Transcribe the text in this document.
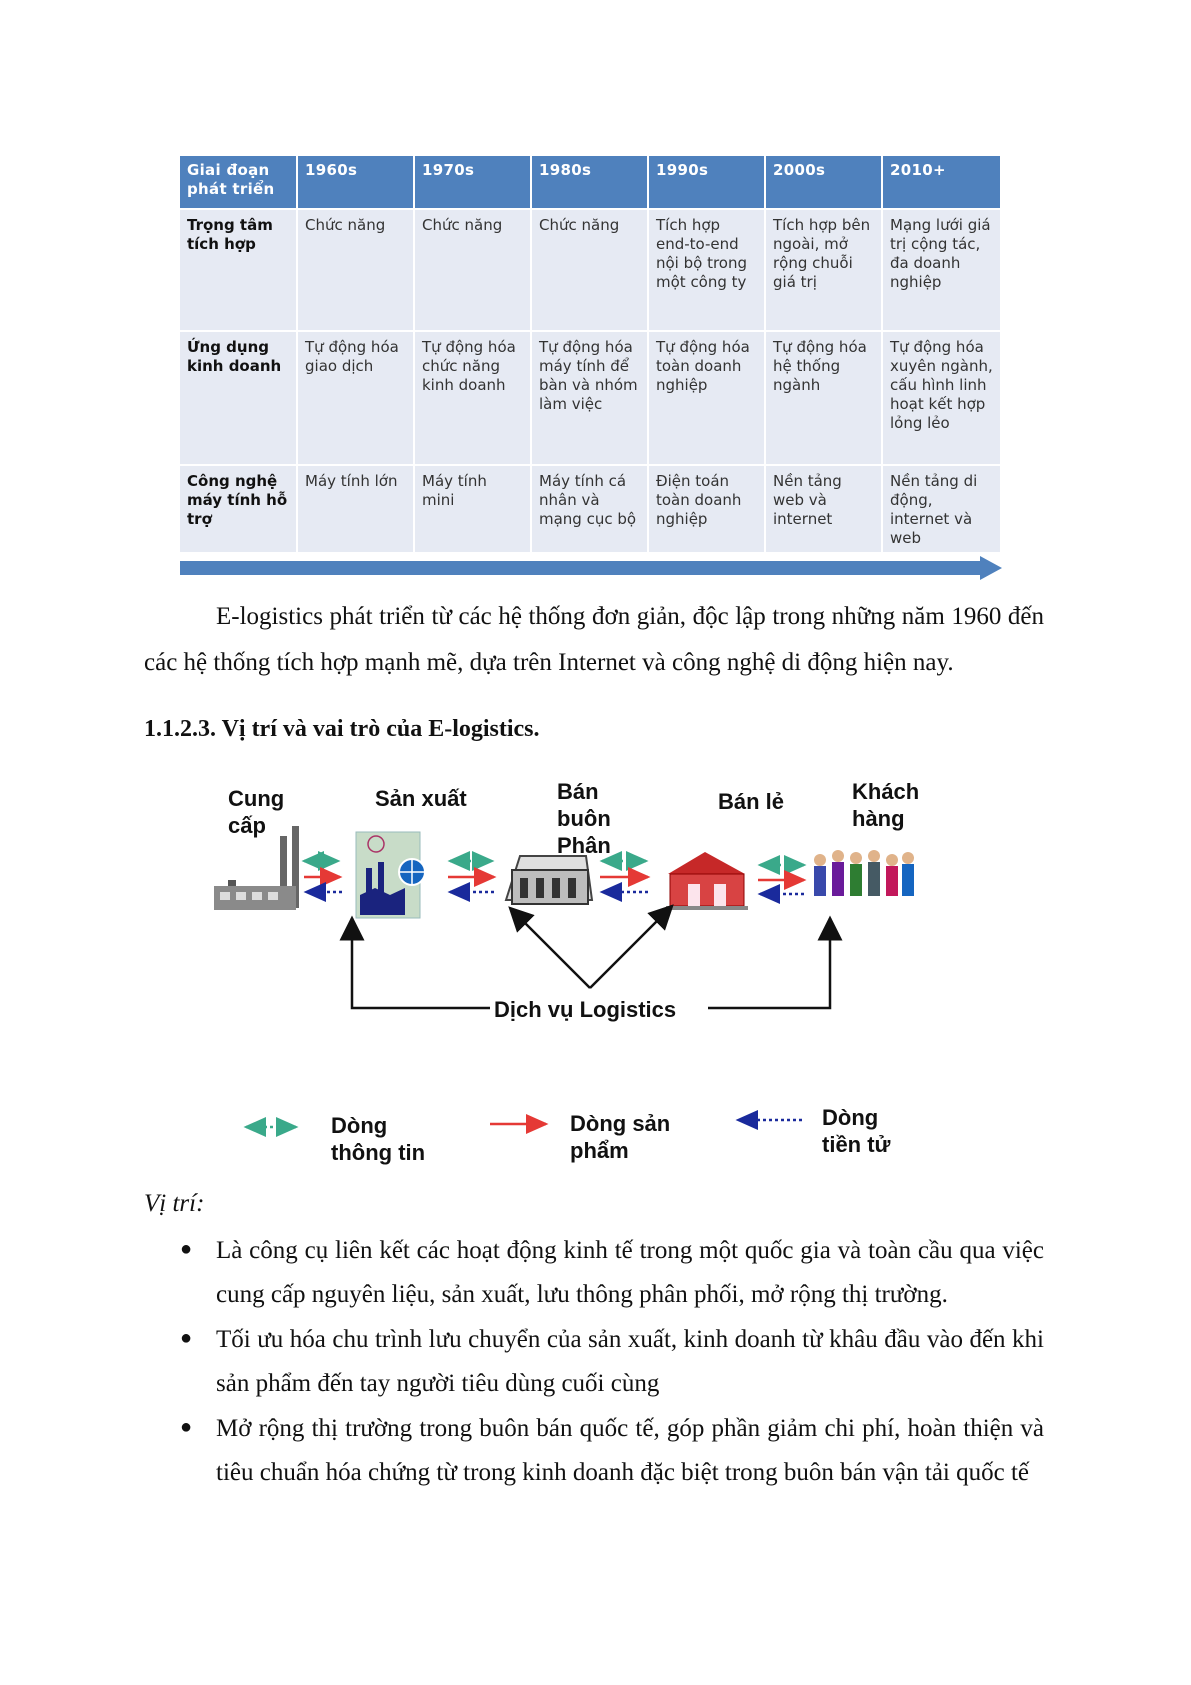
Giai đoạn phát triển	1960s	1970s	1980s	1990s	2000s	2010+
Trọng tâm tích hợp	Chức năng	Chức năng	Chức năng	Tích hợp end-to-end nội bộ trong một công ty	Tích hợp bên ngoài, mở rộng chuỗi giá trị	Mạng lưới giá trị cộng tác, đa doanh nghiệp
Ứng dụng kinh doanh	Tự động hóa giao dịch	Tự động hóa chức năng kinh doanh	Tự động hóa máy tính để bàn và nhóm làm việc	Tự động hóa toàn doanh nghiệp	Tự động hóa hệ thống ngành	Tự động hóa xuyên ngành, cấu hình linh hoạt kết hợp lỏng lẻo
Công nghệ máy tính hỗ trợ	Máy tính lớn	Máy tính mini	Máy tính cá nhân và mạng cục bộ	Điện toán toàn doanh nghiệp	Nền tảng web và internet	Nền tảng di động, internet và web
E-logistics phát triển từ các hệ thống đơn giản, độc lập trong những năm 1960 đến các hệ thống tích hợp mạnh mẽ, dựa trên Internet và công nghệ di động hiện nay.
1.1.2.3. Vị trí và vai trò của E-logistics.
Cung cấp
Sản xuất	Bán buôn Phân
Bán lẻ	Khách hàng
Dịch vụ Logistics
Dòng thông tin
Dòng sản phẩm
Dòng tiền tử
Vị trí:
● Là công cụ liên kết các hoạt động kinh tế trong một quốc gia và toàn cầu qua việc cung cấp nguyên liệu, sản xuất, lưu thông phân phối, mở rộng thị trường.
● Tối ưu hóa chu trình lưu chuyển của sản xuất, kinh doanh từ khâu đầu vào đến khi sản phẩm đến tay người tiêu dùng cuối cùng
● Mở rộng thị trường trong buôn bán quốc tế, góp phần giảm chi phí, hoàn thiện và tiêu chuẩn hóa chứng từ trong kinh doanh đặc biệt trong buôn bán vận tải quốc tế
